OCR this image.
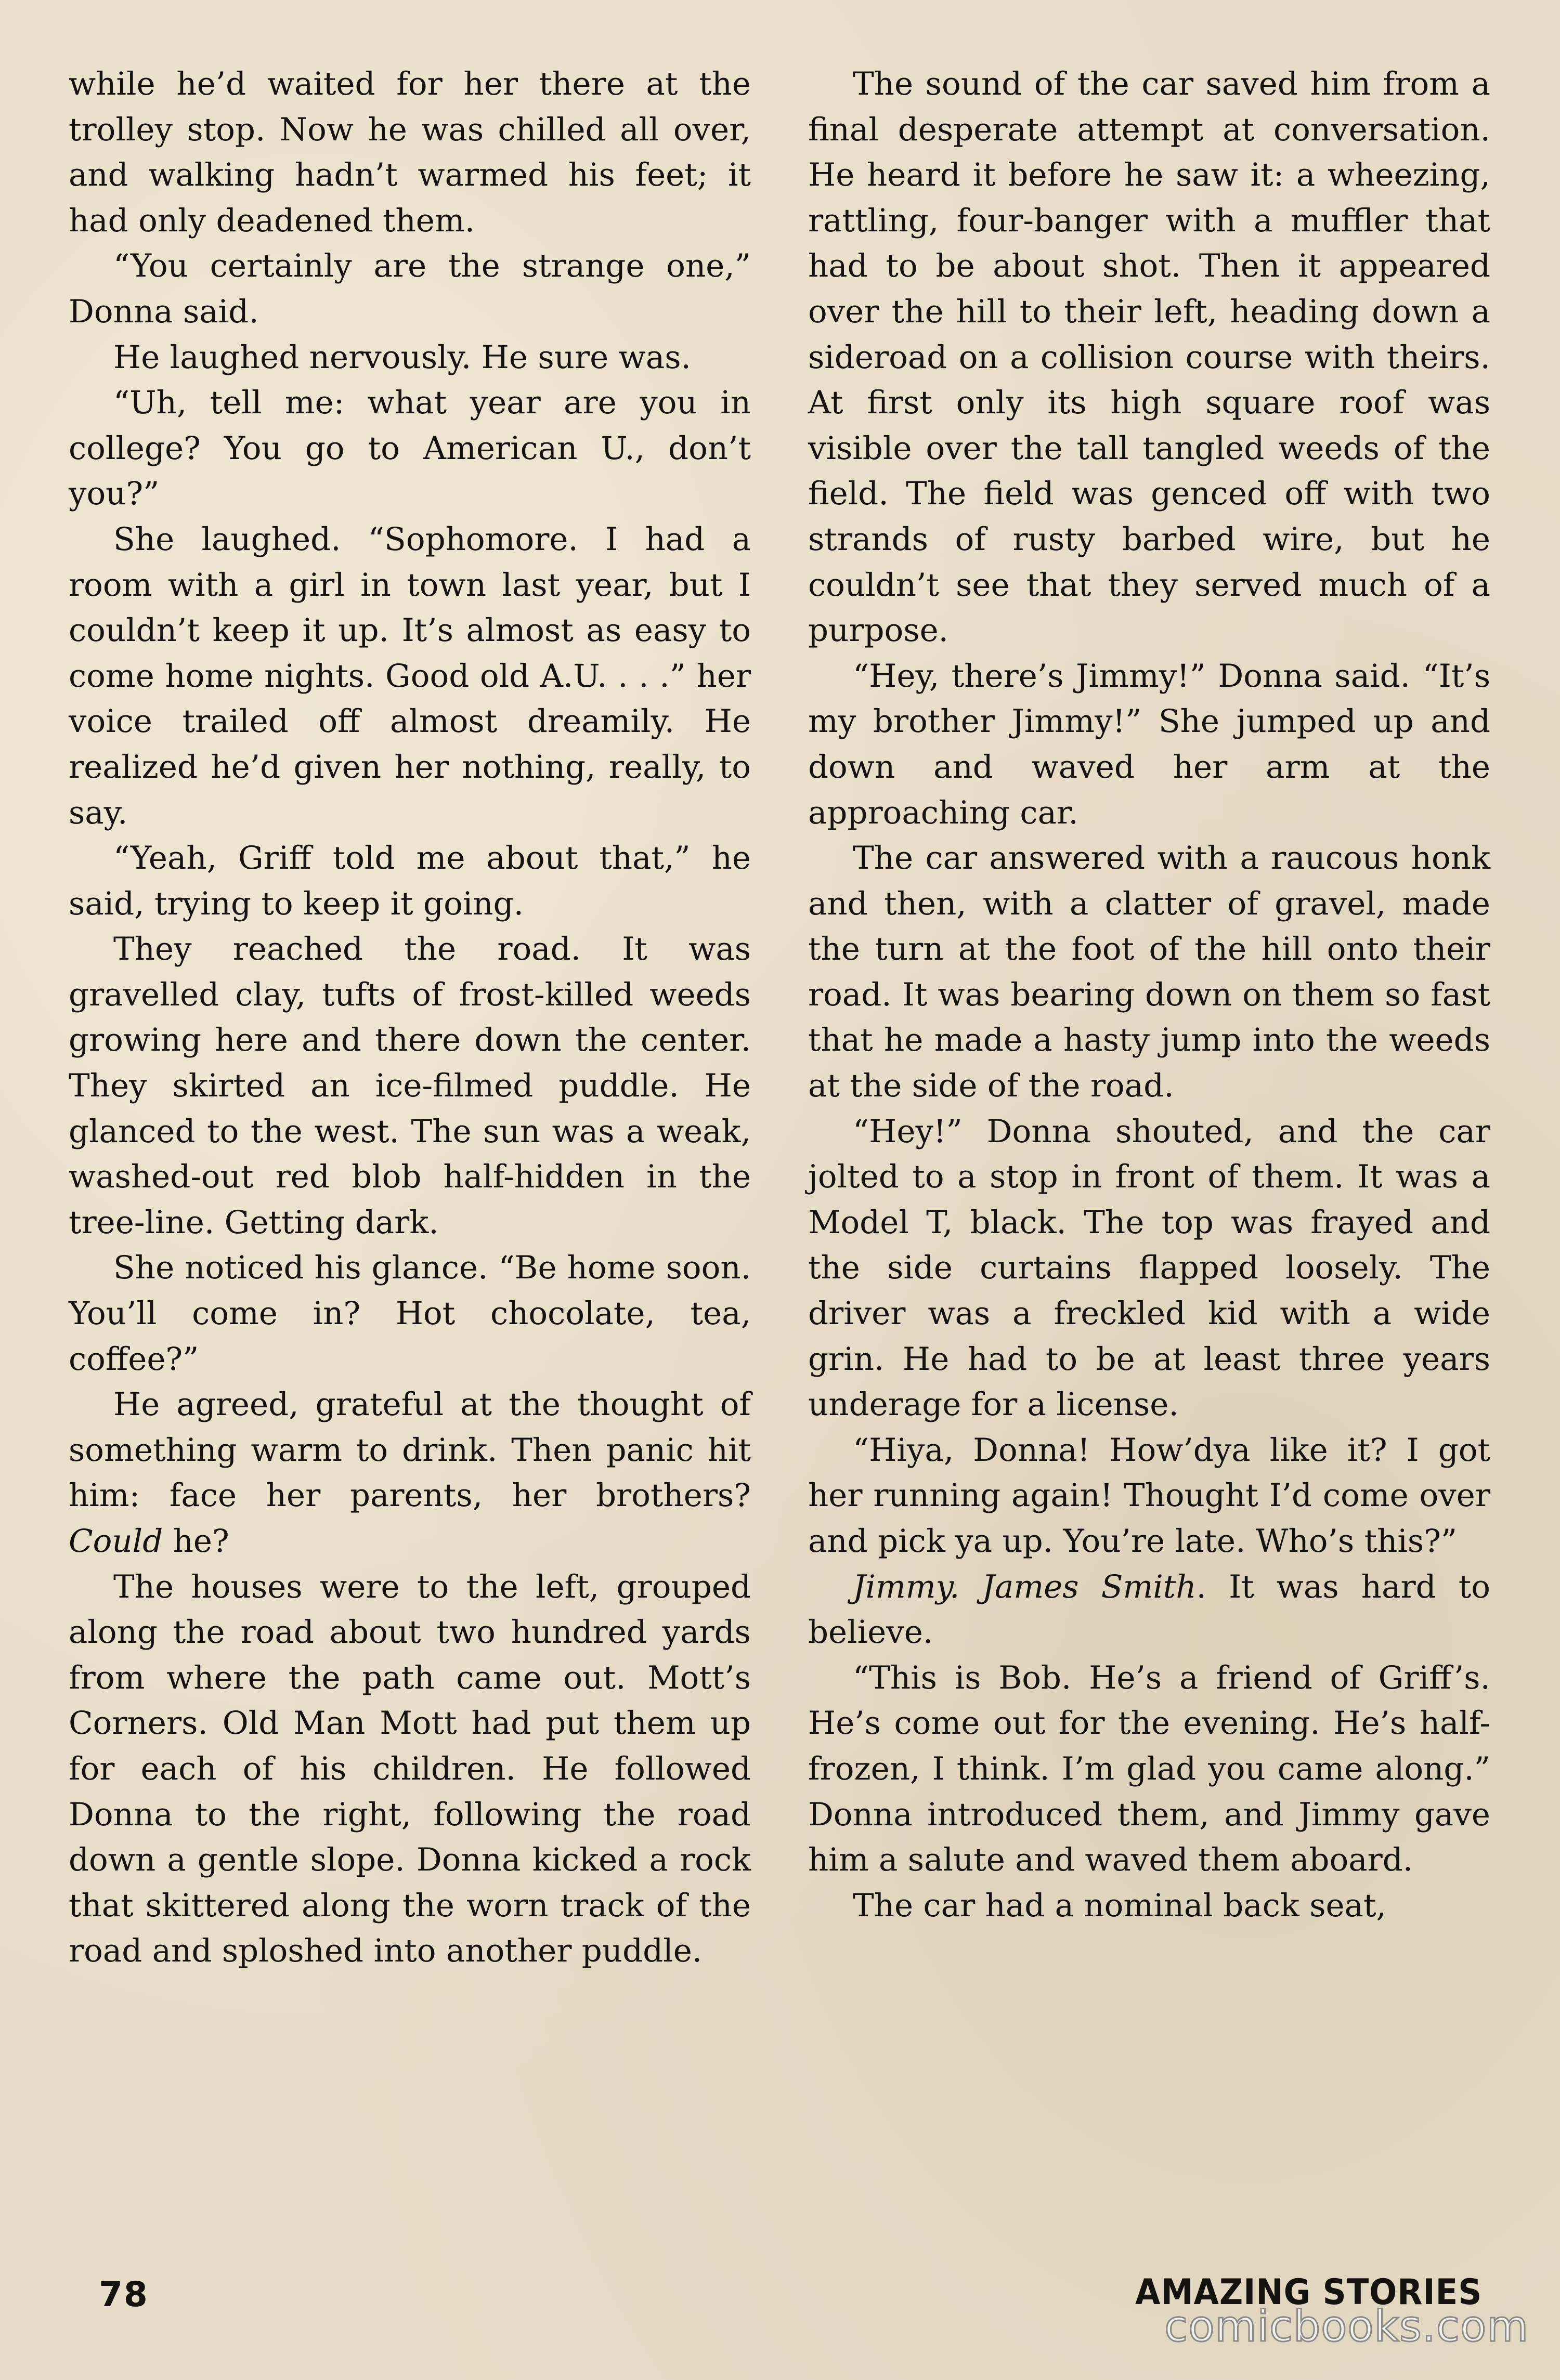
while he’d waited for her there at the trolley stop. Now he was chilled all over, and walking hadn’t warmed his feet; it had only deadened them.

“You certainly are the strange one,” Donna said.

He laughed nervously. He sure was.

“Uh, tell me: what year are you in college? You go to American U., don’t you?”

She laughed. “Sophomore. I had a room with a girl in town last year, but I couldn’t keep it up. It’s almost as easy to come home nights. Good old A.U. . . .” her voice trailed off almost dreamily. He realized he’d given her nothing, really, to say.

“Yeah, Griff told me about that,” he said, trying to keep it going.

They reached the road. It was gravelled clay, tufts of frost-killed weeds growing here and there down the center. They skirted an ice-filmed puddle. He glanced to the west. The sun was a weak, washed-out red blob half-hidden in the tree-line. Getting dark.

She noticed his glance. “Be home soon. You’ll come in? Hot chocolate, tea, coffee?”

He agreed, grateful at the thought of something warm to drink. Then panic hit him: face her parents, her brothers? Could he?

The houses were to the left, grouped along the road about two hundred yards from where the path came out. Mott’s Corners. Old Man Mott had put them up for each of his children. He followed Donna to the right, following the road down a gentle slope. Donna kicked a rock that skittered along the worn track of the road and sploshed into another puddle.

The sound of the car saved him from a final desperate attempt at conversation. He heard it before he saw it: a wheezing, rattling, four-banger with a muffler that had to be about shot. Then it appeared over the hill to their left, heading down a sideroad on a collision course with theirs. At first only its high square roof was visible over the tall tangled weeds of the field. The field was genced off with two strands of rusty barbed wire, but he couldn’t see that they served much of a purpose.

“Hey, there’s Jimmy!” Donna said. “It’s my brother Jimmy!” She jumped up and down and waved her arm at the approaching car.

The car answered with a raucous honk and then, with a clatter of gravel, made the turn at the foot of the hill onto their road. It was bearing down on them so fast that he made a hasty jump into the weeds at the side of the road.

“Hey!” Donna shouted, and the car jolted to a stop in front of them. It was a Model T, black. The top was frayed and the side curtains flapped loosely. The driver was a freckled kid with a wide grin. He had to be at least three years underage for a license.

“Hiya, Donna! How’dya like it? I got her running again! Thought I’d come over and pick ya up. You’re late. Who’s this?”

Jimmy. James Smith. It was hard to believe.

“This is Bob. He’s a friend of Griff’s. He’s come out for the evening. He’s half-frozen, I think. I’m glad you came along.” Donna introduced them, and Jimmy gave him a salute and waved them aboard.

The car had a nominal back seat,

78	AMAZING STORIES
comicbooks.com
